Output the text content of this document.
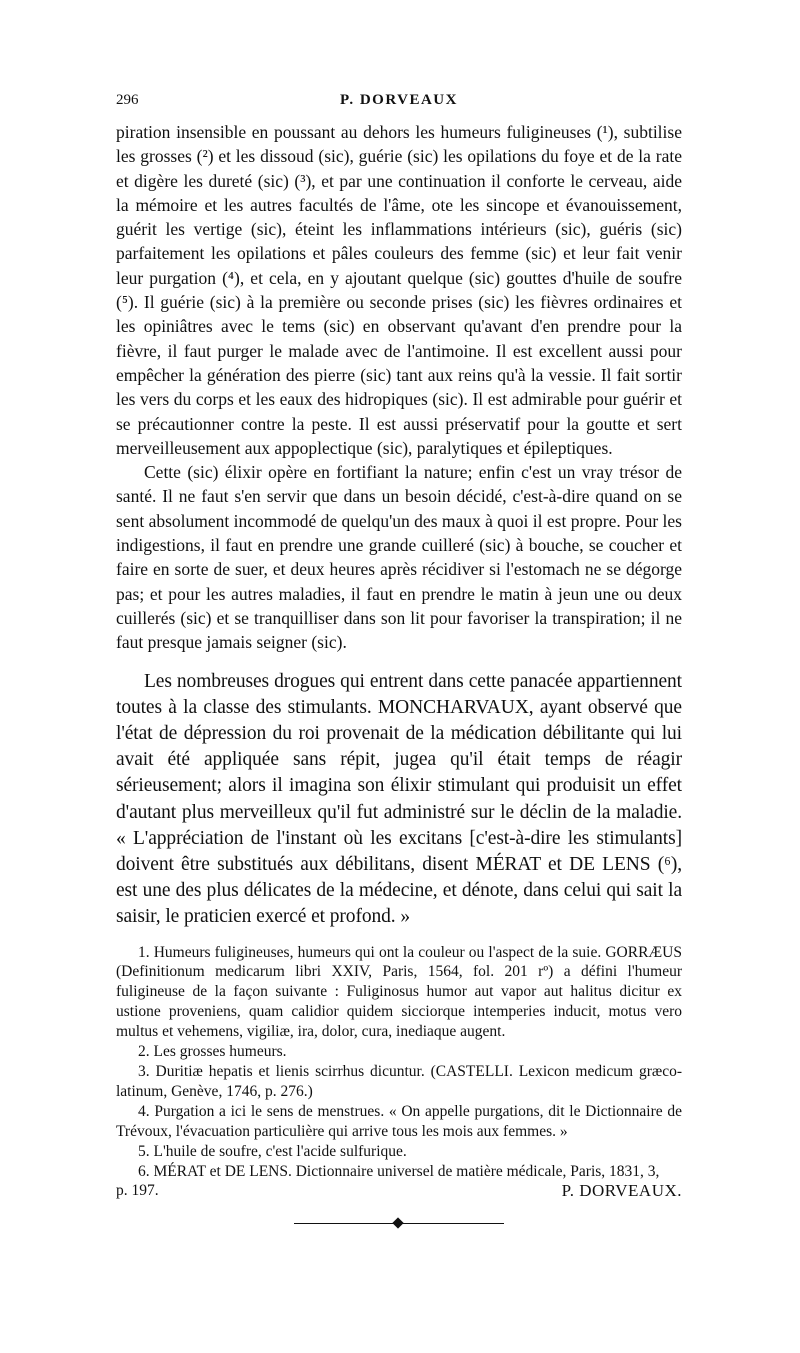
296	P. DORVEAUX

piration insensible en poussant au dehors les humeurs fuligineuses (¹), subtilise les grosses (²) et les dissoud (sic), guérie (sic) les opilations du foye et de la rate et digère les dureté (sic) (³), et par une continuation il conforte le cerveau, aide la mémoire et les autres facultés de l'âme, ote les sincope et évanouissement, guérit les vertige (sic), éteint les inflammations intérieurs (sic), guéris (sic) parfaitement les opilations et pâles couleurs des femme (sic) et leur fait venir leur purgation (⁴), et cela, en y ajoutant quelque (sic) gouttes d'huile de soufre (⁵). Il guérie (sic) à la première ou seconde prises (sic) les fièvres ordinaires et les opiniâtres avec le tems (sic) en observant qu'avant d'en prendre pour la fièvre, il faut purger le malade avec de l'antimoine. Il est excellent aussi pour empêcher la génération des pierre (sic) tant aux reins qu'à la vessie. Il fait sortir les vers du corps et les eaux des hidropiques (sic). Il est admirable pour guérir et se précautionner contre la peste. Il est aussi préservatif pour la goutte et sert merveilleusement aux appoplectique (sic), paralytiques et épileptiques.

Cette (sic) élixir opère en fortifiant la nature; enfin c'est un vray trésor de santé. Il ne faut s'en servir que dans un besoin décidé, c'est-à-dire quand on se sent absolument incommodé de quelqu'un des maux à quoi il est propre. Pour les indigestions, il faut en prendre une grande cuilleré (sic) à bouche, se coucher et faire en sorte de suer, et deux heures après récidiver si l'estomach ne se dégorge pas; et pour les autres maladies, il faut en prendre le matin à jeun une ou deux cuillerés (sic) et se tranquilliser dans son lit pour favoriser la transpiration; il ne faut presque jamais seigner (sic).

Les nombreuses drogues qui entrent dans cette panacée appartiennent toutes à la classe des stimulants. MONCHARVAUX, ayant observé que l'état de dépression du roi provenait de la médication débilitante qui lui avait été appliquée sans répit, jugea qu'il était temps de réagir sérieusement; alors il imagina son élixir stimulant qui produisit un effet d'autant plus merveilleux qu'il fut administré sur le déclin de la maladie. « L'appréciation de l'instant où les excitans [c'est-à-dire les stimulants] doivent être substitués aux débilitans, disent MÉRAT et DE LENS (⁶), est une des plus délicates de la médecine, et dénote, dans celui qui sait la saisir, le praticien exercé et profond. »

1. Humeurs fuligineuses, humeurs qui ont la couleur ou l'aspect de la suie. GORRÆUS (Definitionum medicarum libri XXIV, Paris, 1564, fol. 201 rº) a défini l'humeur fuligineuse de la façon suivante : Fuliginosus humor aut vapor aut halitus dicitur ex ustione proveniens, quam calidior quidem sicciorque intemperies inducit, motus vero multus et vehemens, vigiliæ, ira, dolor, cura, inediaque augent.

2. Les grosses humeurs.

3. Duritiæ hepatis et lienis scirrhus dicuntur. (CASTELLI. Lexicon medicum græco-latinum, Genève, 1746, p. 276.)

4. Purgation a ici le sens de menstrues. « On appelle purgations, dit le Dictionnaire de Trévoux, l'évacuation particulière qui arrive tous les mois aux femmes. »

5. L'huile de soufre, c'est l'acide sulfurique.

6. MÉRAT et DE LENS. Dictionnaire universel de matière médicale, Paris, 1831, 3,

p. 197.	P. DORVEAUX.
